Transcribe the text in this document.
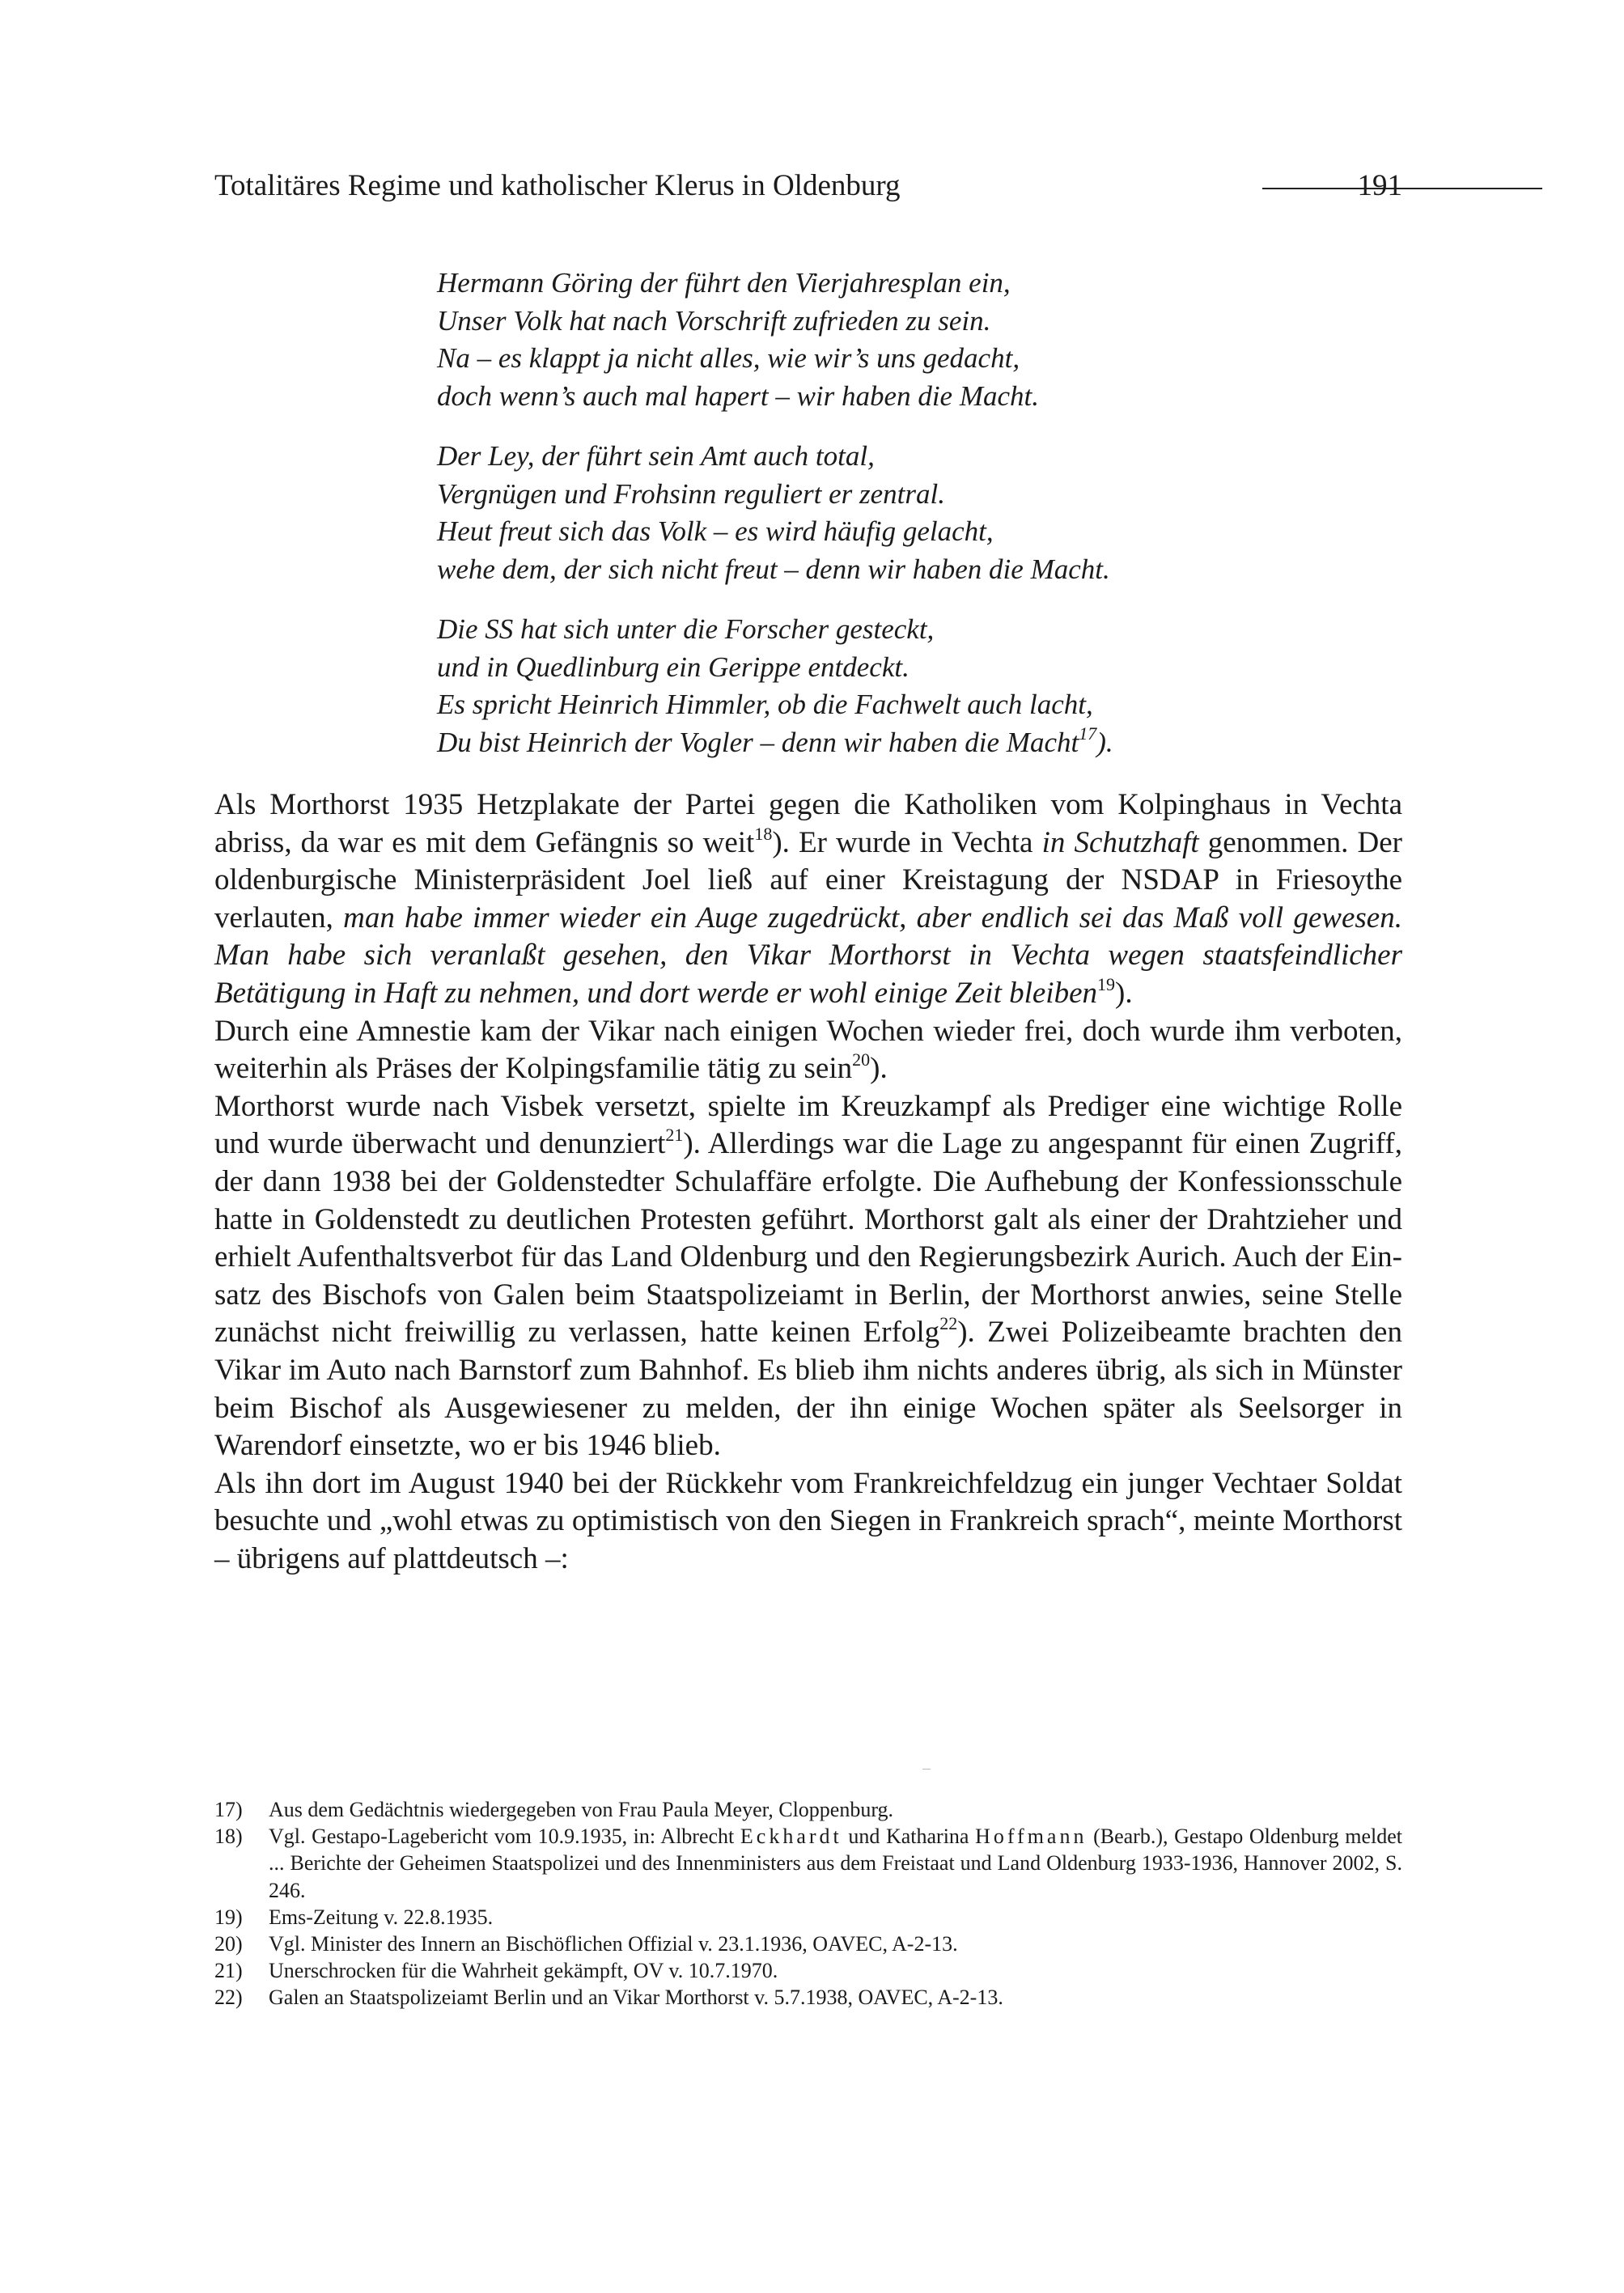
Totalitäres Regime und katholischer Klerus in Oldenburg	191
Hermann Göring der führt den Vierjahresplan ein,
Unser Volk hat nach Vorschrift zufrieden zu sein.
Na – es klappt ja nicht alles, wie wir’s uns gedacht,
doch wenn’s auch mal hapert – wir haben die Macht.
Der Ley, der führt sein Amt auch total,
Vergnügen und Frohsinn reguliert er zentral.
Heut freut sich das Volk – es wird häufig gelacht,
wehe dem, der sich nicht freut – denn wir haben die Macht.
Die SS hat sich unter die Forscher gesteckt,
und in Quedlinburg ein Gerippe entdeckt.
Es spricht Heinrich Himmler, ob die Fachwelt auch lacht,
Du bist Heinrich der Vogler – denn wir haben die Macht$^{17}$).

Als Morthorst 1935 Hetzplakate der Partei gegen die Katholiken vom Kolpinghaus in Vechta abriss, da war es mit dem Gefängnis so weit$^{18}$). Er wurde in Vechta in Schutzhaft genommen. Der oldenburgische Ministerpräsident Joel ließ auf einer Kreistagung der NSDAP in Friesoythe verlauten, man habe immer wieder ein Auge zugedrückt, aber endlich sei das Maß voll gewesen. Man habe sich veranlaßt gesehen, den Vikar Morthorst in Vechta wegen staatsfeindlicher Betätigung in Haft zu nehmen, und dort werde er wohl einige Zeit bleiben$^{19}$).

Durch eine Amnestie kam der Vikar nach einigen Wochen wieder frei, doch wurde ihm verboten, weiterhin als Präses der Kolpingsfamilie tätig zu sein$^{20}$).

Morthorst wurde nach Visbek versetzt, spielte im Kreuzkampf als Prediger eine wichtige Rolle und wurde überwacht und denunziert$^{21}$). Allerdings war die Lage zu angespannt für einen Zugriff, der dann 1938 bei der Goldenstedter Schulaffäre erfolgte. Die Aufhebung der Konfessionsschule hatte in Goldenstedt zu deutlichen Protesten geführt. Morthorst galt als einer der Drahtzieher und erhielt Aufenthaltsverbot für das Land Oldenburg und den Regierungsbezirk Aurich. Auch der Einsatz des Bischofs von Galen beim Staatspolizeiamt in Berlin, der Morthorst anwies, seine Stelle zunächst nicht freiwillig zu verlassen, hatte keinen Erfolg$^{22}$). Zwei Polizeibeamte brachten den Vikar im Auto nach Barnstorf zum Bahnhof. Es blieb ihm nichts anderes übrig, als sich in Münster beim Bischof als Ausgewiesener zu melden, der ihn einige Wochen später als Seelsorger in Warendorf einsetzte, wo er bis 1946 blieb.

Als ihn dort im August 1940 bei der Rückkehr vom Frankreichfeldzug ein junger Vechtaer Soldat besuchte und „wohl etwas zu optimistisch von den Siegen in Frankreich sprach“, meinte Morthorst – übrigens auf plattdeutsch –:

17)	Aus dem Gedächtnis wiedergegeben von Frau Paula Meyer, Cloppenburg.
18)	Vgl. Gestapo-Lagebericht vom 10.9.1935, in: Albrecht Eckhardt und Katharina Hoffmann (Bearb.), Gestapo Oldenburg meldet ... Berichte der Geheimen Staatspolizei und des Innenministers aus dem Freistaat und Land Oldenburg 1933-1936, Hannover 2002, S. 246.
19)	Ems-Zeitung v. 22.8.1935.
20)	Vgl. Minister des Innern an Bischöflichen Offizial v. 23.1.1936, OAVEC, A-2-13.
21)	Unerschrocken für die Wahrheit gekämpft, OV v. 10.7.1970.
22)	Galen an Staatspolizeiamt Berlin und an Vikar Morthorst v. 5.7.1938, OAVEC, A-2-13.
